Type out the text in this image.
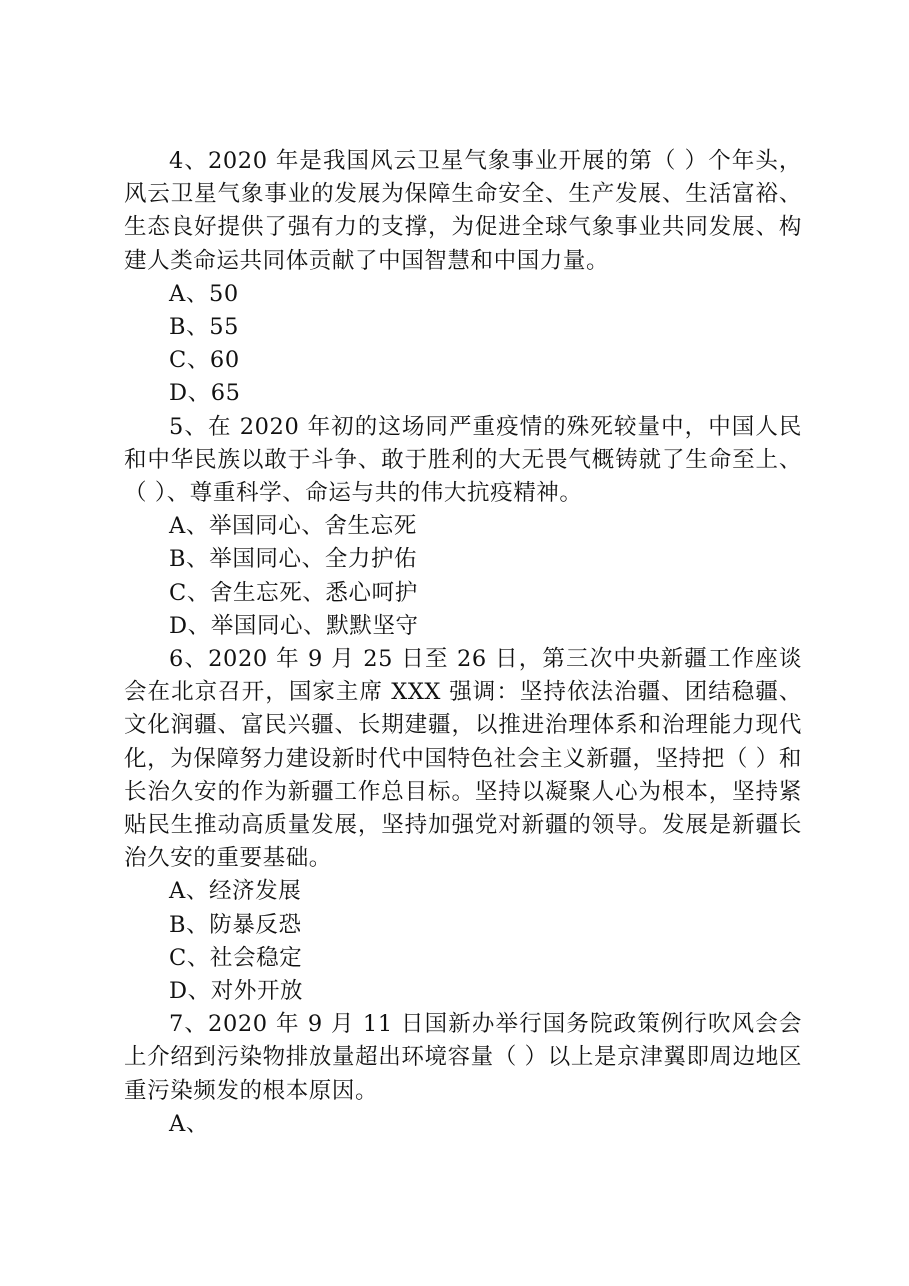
4、2020 年是我国风云卫星气象事业开展的第（ ）个年头，风云卫星气象事业的发展为保障生命安全、生产发展、生活富裕、生态良好提供了强有力的支撑，为促进全球气象事业共同发展、构建人类命运共同体贡献了中国智慧和中国力量。

A、50

B、55

C、60

D、65

5、在 2020 年初的这场同严重疫情的殊死较量中，中国人民和中华民族以敢于斗争、敢于胜利的大无畏气概铸就了生命至上、（ ）、尊重科学、命运与共的伟大抗疫精神。

A、举国同心、舍生忘死

B、举国同心、全力护佑

C、舍生忘死、悉心呵护

D、举国同心、默默坚守

6、2020 年 9 月 25 日至 26 日，第三次中央新疆工作座谈会在北京召开，国家主席 XXX 强调：坚持依法治疆、团结稳疆、文化润疆、富民兴疆、长期建疆，以推进治理体系和治理能力现代化，为保障努力建设新时代中国特色社会主义新疆，坚持把（ ）和长治久安的作为新疆工作总目标。坚持以凝聚人心为根本，坚持紧贴民生推动高质量发展，坚持加强党对新疆的领导。发展是新疆长治久安的重要基础。

A、经济发展

B、防暴反恐

C、社会稳定

D、对外开放

7、2020 年 9 月 11 日国新办举行国务院政策例行吹风会会上介绍到污染物排放量超出环境容量（ ）以上是京津翼即周边地区重污染频发的根本原因。

A、
